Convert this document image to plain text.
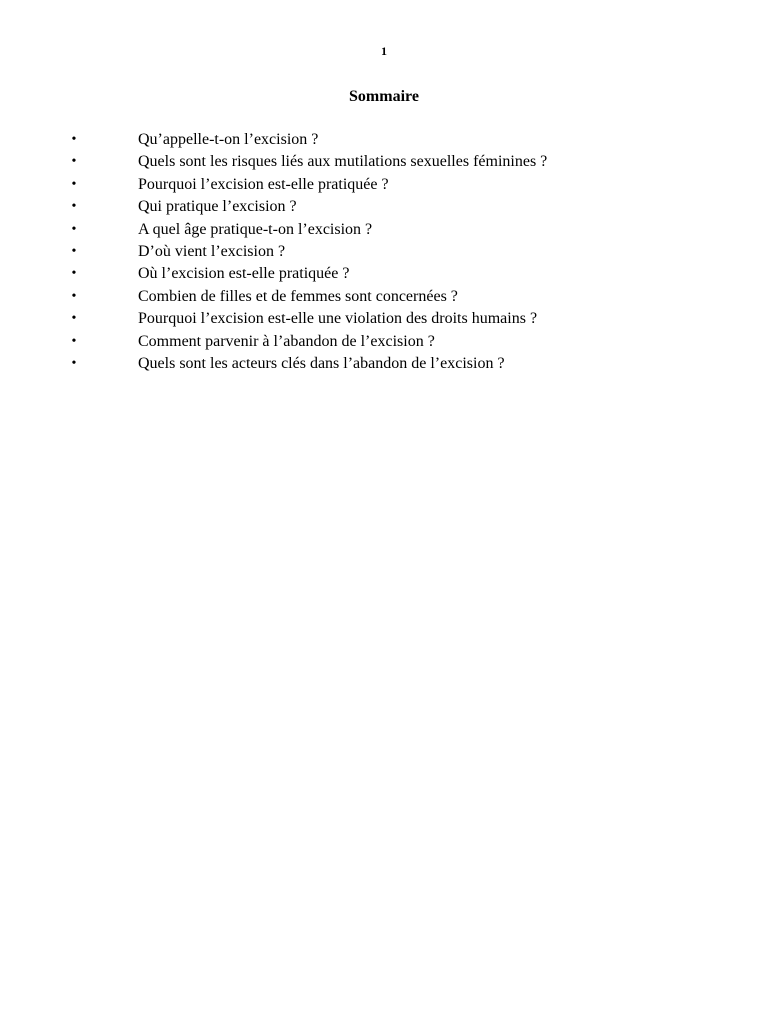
1
Sommaire
•	Qu’appelle-t-on l’excision ?
•	Quels sont les risques liés aux mutilations sexuelles féminines ?
•	Pourquoi l’excision est-elle pratiquée ?
•	Qui pratique l’excision ?
•	A quel âge pratique-t-on l’excision ?
•	D’où vient l’excision ?
•	Où l’excision est-elle pratiquée ?
•	Combien de filles et de femmes sont concernées ?
•	Pourquoi l’excision est-elle une violation des droits humains ?
•	Comment parvenir à l’abandon de l’excision ?
•	Quels sont les acteurs clés dans l’abandon de l’excision ?
